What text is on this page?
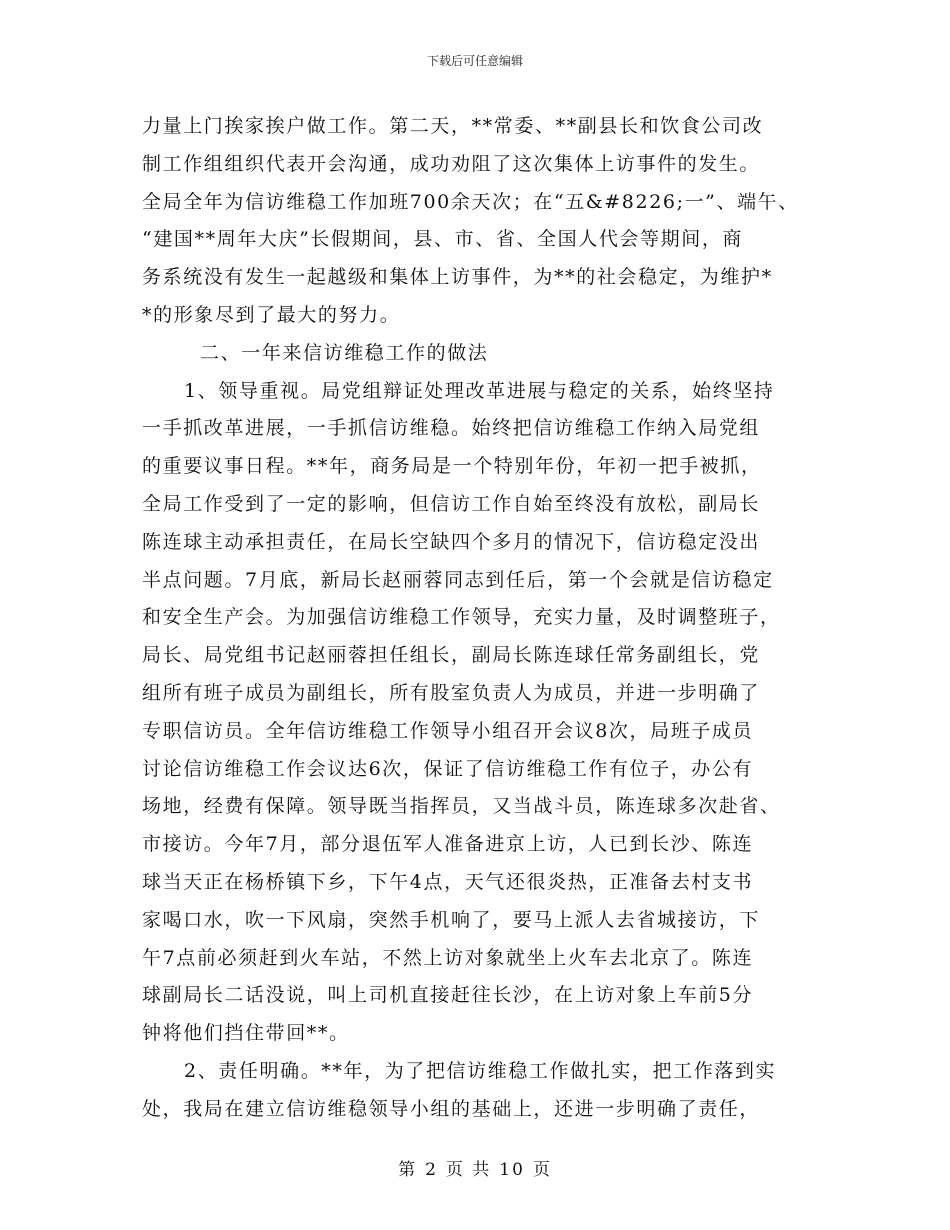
下载后可任意编辑
力量上门挨家挨户做工作。第二天，**常委、**副县长和饮食公司改
制工作组组织代表开会沟通，成功劝阻了这次集体上访事件的发生。
全局全年为信访维稳工作加班700余天次；在“五&#8226;一”、端午、
“建国**周年大庆”长假期间，县、市、省、全国人代会等期间，商
务系统没有发生一起越级和集体上访事件，为**的社会稳定，为维护*
*的形象尽到了最大的努力。
二、一年来信访维稳工作的做法
1、领导重视。局党组辩证处理改革进展与稳定的关系，始终坚持
一手抓改革进展，一手抓信访维稳。始终把信访维稳工作纳入局党组
的重要议事日程。**年，商务局是一个特别年份，年初一把手被抓，
全局工作受到了一定的影响，但信访工作自始至终没有放松，副局长
陈连球主动承担责任，在局长空缺四个多月的情况下，信访稳定没出
半点问题。7月底，新局长赵丽蓉同志到任后，第一个会就是信访稳定
和安全生产会。为加强信访维稳工作领导，充实力量，及时调整班子，
局长、局党组书记赵丽蓉担任组长，副局长陈连球任常务副组长，党
组所有班子成员为副组长，所有股室负责人为成员，并进一步明确了
专职信访员。全年信访维稳工作领导小组召开会议8次，局班子成员
讨论信访维稳工作会议达6次，保证了信访维稳工作有位子，办公有
场地，经费有保障。领导既当指挥员，又当战斗员，陈连球多次赴省、
市接访。今年7月，部分退伍军人准备进京上访，人已到长沙、陈连
球当天正在杨桥镇下乡，下午4点，天气还很炎热，正准备去村支书
家喝口水，吹一下风扇，突然手机响了，要马上派人去省城接访，下
午7点前必须赶到火车站，不然上访对象就坐上火车去北京了。陈连
球副局长二话没说，叫上司机直接赶往长沙，在上访对象上车前5分
钟将他们挡住带回**。
2、责任明确。**年，为了把信访维稳工作做扎实，把工作落到实
处，我局在建立信访维稳领导小组的基础上，还进一步明确了责任，
第 2 页 共 10 页
